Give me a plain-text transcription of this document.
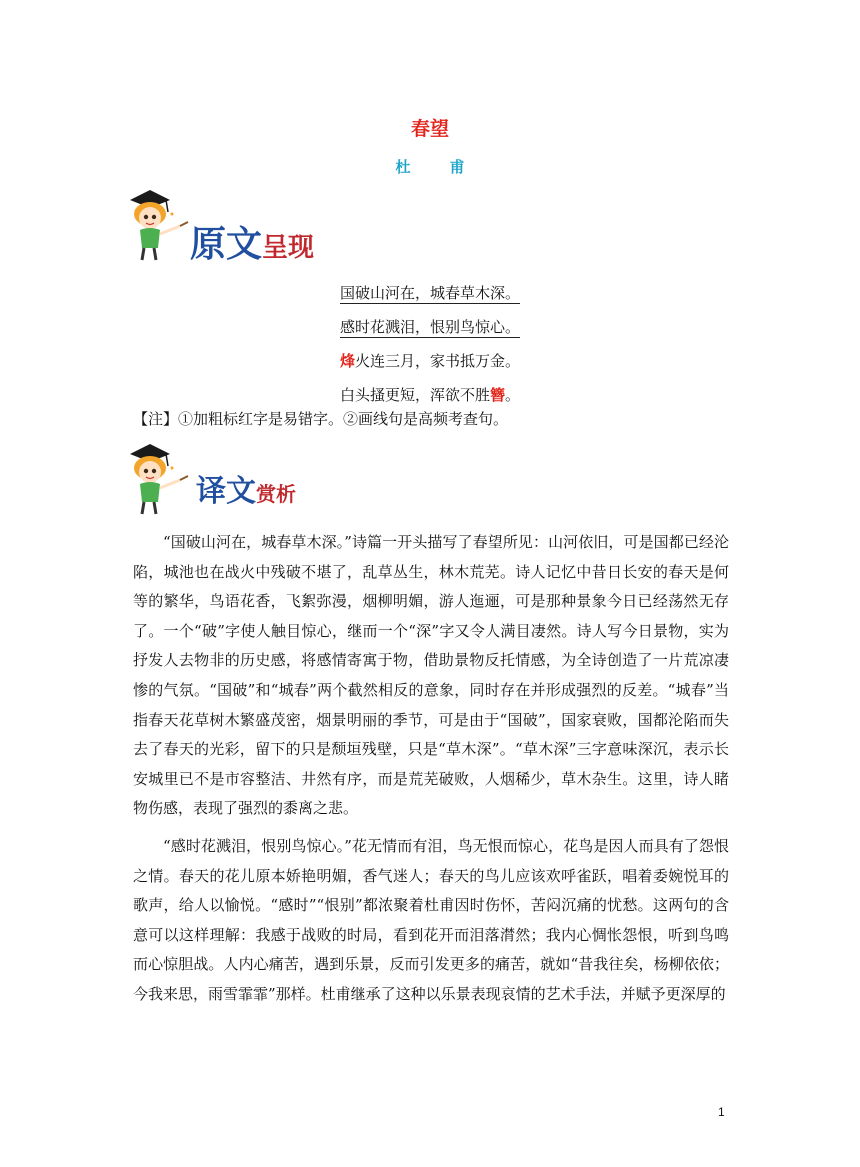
春望
杜　甫
原文呈现
国破山河在，城春草木深。
感时花溅泪，恨别鸟惊心。
烽火连三月，家书抵万金。
白头搔更短，浑欲不胜簪。
【注】①加粗标红字是易错字。②画线句是高频考查句。
译文赏析

“国破山河在，城春草木深。”诗篇一开头描写了春望所见：山河依旧，可是国都已经沦陷，城池也在战火中残破不堪了，乱草丛生，林木荒芜。诗人记忆中昔日长安的春天是何等的繁华，鸟语花香，飞絮弥漫，烟柳明媚，游人迤逦，可是那种景象今日已经荡然无存了。一个“破”字使人触目惊心，继而一个“深”字又令人满目凄然。诗人写今日景物，实为抒发人去物非的历史感，将感情寄寓于物，借助景物反托情感，为全诗创造了一片荒凉凄惨的气氛。“国破”和“城春”两个截然相反的意象，同时存在并形成强烈的反差。“城春”当指春天花草树木繁盛茂密，烟景明丽的季节，可是由于“国破”，国家衰败，国都沦陷而失去了春天的光彩，留下的只是颓垣残壁，只是“草木深”。“草木深”三字意味深沉，表示长安城里已不是市容整洁、井然有序，而是荒芜破败，人烟稀少，草木杂生。这里，诗人睹物伤感，表现了强烈的黍离之悲。

“感时花溅泪，恨别鸟惊心。”花无情而有泪，鸟无恨而惊心，花鸟是因人而具有了怨恨之情。春天的花儿原本娇艳明媚，香气迷人；春天的鸟儿应该欢呼雀跃，唱着委婉悦耳的歌声，给人以愉悦。“感时”“恨别”都浓聚着杜甫因时伤怀，苦闷沉痛的忧愁。这两句的含意可以这样理解：我感于战败的时局，看到花开而泪落潸然；我内心惆怅怨恨，听到鸟鸣而心惊胆战。人内心痛苦，遇到乐景，反而引发更多的痛苦，就如“昔我往矣，杨柳依依；今我来思，雨雪霏霏”那样。杜甫继承了这种以乐景表现哀情的艺术手法，并赋予更深厚的

1
